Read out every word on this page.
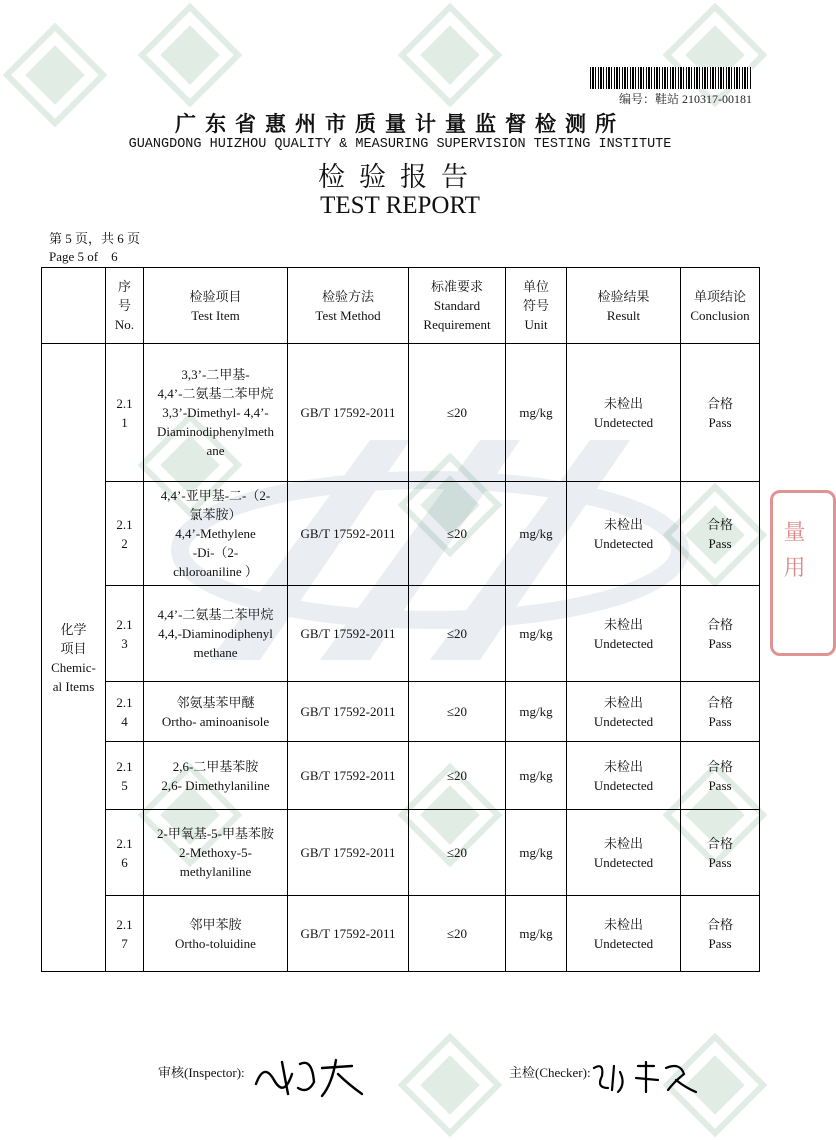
编号：鞋站 210317-00181
广东省惠州市质量计量监督检测所
GUANGDONG HUIZHOU QUALITY & MEASURING SUPERVISION TESTING INSTITUTE
检验报告
TEST REPORT
第 5 页，共 6 页
Page 5 of    6
	序
号
No.	检验项目
Test Item	检验方法
Test Method	标准要求
Standard
Requirement	单位
符号
Unit	检验结果
Result	单项结论
Conclusion
化学
项目
Chemic-
al Items	2.1
1	3,3’-二甲基-
4,4’-二氨基二苯甲烷
3,3’-Dimethyl- 4,4’-
Diaminodiphenylmeth
ane	GB/T 17592-2011	≤20	mg/kg	未检出
Undetected	合格
Pass
	2.1
2	4,4’-亚甲基-二-（2-
氯苯胺）
4,4’-Methylene
-Di-（2-
chloroaniline ）	GB/T 17592-2011	≤20	mg/kg	未检出
Undetected	合格
Pass
	2.1
3	4,4’-二氨基二苯甲烷
4,4,-Diaminodiphenyl
methane	GB/T 17592-2011	≤20	mg/kg	未检出
Undetected	合格
Pass
	2.1
4	邻氨基苯甲醚
Ortho- aminoanisole	GB/T 17592-2011	≤20	mg/kg	未检出
Undetected	合格
Pass
	2.1
5	2,6-二甲基苯胺
2,6- Dimethylaniline	GB/T 17592-2011	≤20	mg/kg	未检出
Undetected	合格
Pass
	2.1
6	2-甲氧基-5-甲基苯胺
2-Methoxy-5-
methylaniline	GB/T 17592-2011	≤20	mg/kg	未检出
Undetected	合格
Pass
	2.1
7	邻甲苯胺
Ortho-toluidine	GB/T 17592-2011	≤20	mg/kg	未检出
Undetected	合格
Pass
量 用
审核(Inspector):	主检(Checker):
